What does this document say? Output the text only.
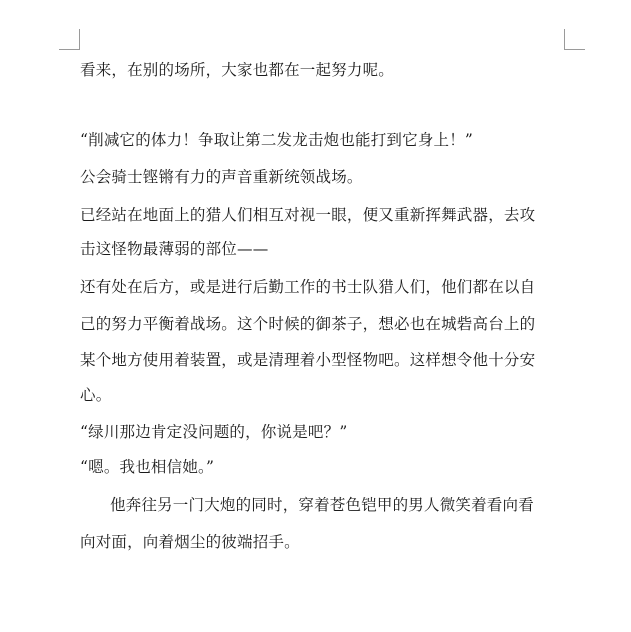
看来，在别的场所，大家也都在一起努力呢。
“削减它的体力！争取让第二发龙击炮也能打到它身上！”
公会骑士铿锵有力的声音重新统领战场。
已经站在地面上的猎人们相互对视一眼，便又重新挥舞武器，去攻
击这怪物最薄弱的部位——
还有处在后方，或是进行后勤工作的书士队猎人们，他们都在以自
己的努力平衡着战场。这个时候的御茶子，想必也在城砦高台上的
某个地方使用着装置，或是清理着小型怪物吧。这样想令他十分安
心。
“绿川那边肯定没问题的，你说是吧？”
“嗯。我也相信她。”
他奔往另一门大炮的同时，穿着苍色铠甲的男人微笑着看向看
向对面，向着烟尘的彼端招手。
